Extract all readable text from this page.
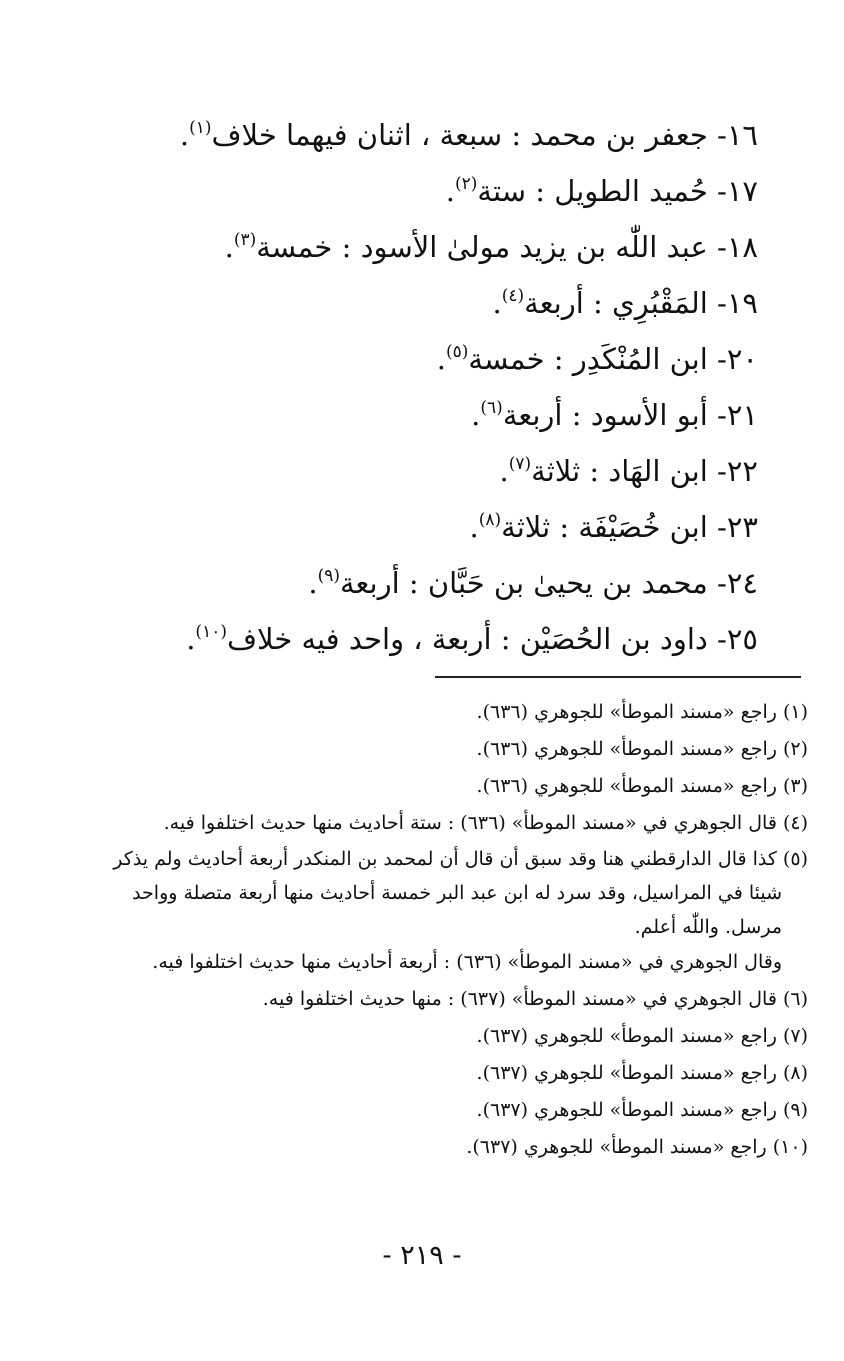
١٦- جعفر بن محمد : سبعة ، اثنان فيهما خلاف$^{(١)}$.
١٧- حُميد الطويل : ستة$^{(٢)}$.
١٨- عبد اللّٰه بن يزيد مولىٰ الأسود : خمسة$^{(٣)}$.
١٩- المَقْبُرِي : أربعة$^{(٤)}$.
٢٠- ابن المُنْكَدِر : خمسة$^{(٥)}$.
٢١- أبو الأسود : أربعة$^{(٦)}$.
٢٢- ابن الهَاد : ثلاثة$^{(٧)}$.
٢٣- ابن خُصَيْفَة : ثلاثة$^{(٨)}$.
٢٤- محمد بن يحيىٰ بن حَبَّان : أربعة$^{(٩)}$.
٢٥- داود بن الحُصَيْن : أربعة ، واحد فيه خلاف$^{(١٠)}$.
(١) راجع «مسند الموطأ» للجوهري (٦٣٦).
(٢) راجع «مسند الموطأ» للجوهري (٦٣٦).
(٣) راجع «مسند الموطأ» للجوهري (٦٣٦).
(٤) قال الجوهري في «مسند الموطأ» (٦٣٦) : ستة أحاديث منها حديث اختلفوا فيه.
(٥) كذا قال الدارقطني هنا وقد سبق أن قال أن لمحمد بن المنكدر أربعة أحاديث ولم يذكر
شيئا في المراسيل، وقد سرد له ابن عبد البر خمسة أحاديث منها أربعة متصلة وواحد
مرسل. واللّٰه أعلم.
وقال الجوهري في «مسند الموطأ» (٦٣٦) : أربعة أحاديث منها حديث اختلفوا فيه.
(٦) قال الجوهري في «مسند الموطأ» (٦٣٧) : منها حديث اختلفوا فيه.
(٧) راجع «مسند الموطأ» للجوهري (٦٣٧).
(٨) راجع «مسند الموطأ» للجوهري (٦٣٧).
(٩) راجع «مسند الموطأ» للجوهري (٦٣٧).
(١٠) راجع «مسند الموطأ» للجوهري (٦٣٧).
- ٢١٩ -
